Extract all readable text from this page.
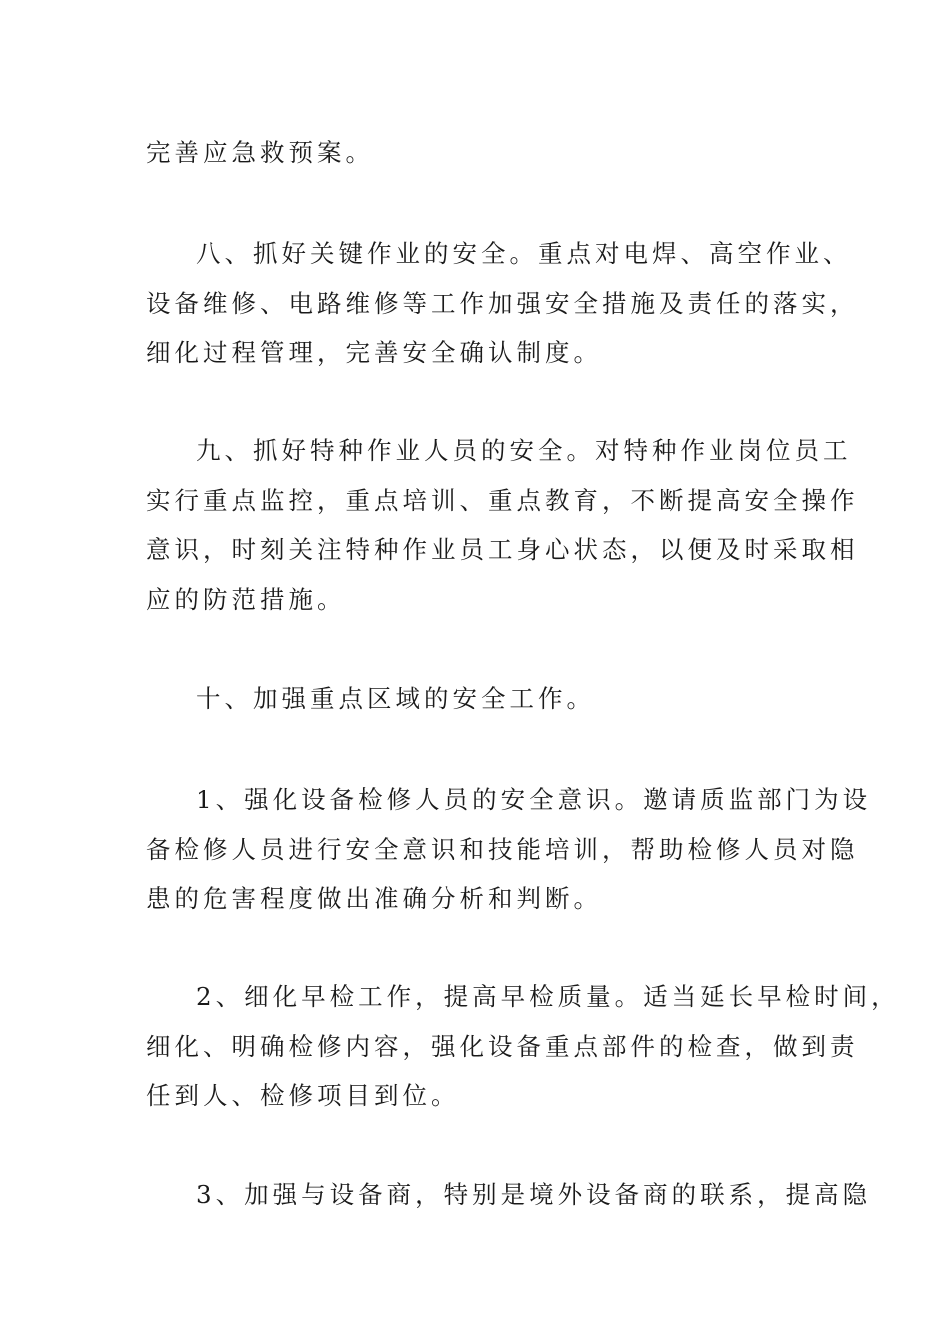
完善应急救预案。
八、抓好关键作业的安全。重点对电焊、高空作业、
设备维修、电路维修等工作加强安全措施及责任的落实，
细化过程管理，完善安全确认制度。
九、抓好特种作业人员的安全。对特种作业岗位员工
实行重点监控，重点培训、重点教育，不断提高安全操作
意识，时刻关注特种作业员工身心状态，以便及时采取相
应的防范措施。
十、加强重点区域的安全工作。
1、强化设备检修人员的安全意识。邀请质监部门为设
备检修人员进行安全意识和技能培训，帮助检修人员对隐
患的危害程度做出准确分析和判断。
2、细化早检工作，提高早检质量。适当延长早检时间，
细化、明确检修内容，强化设备重点部件的检查，做到责
任到人、检修项目到位。
3、加强与设备商，特别是境外设备商的联系，提高隐
